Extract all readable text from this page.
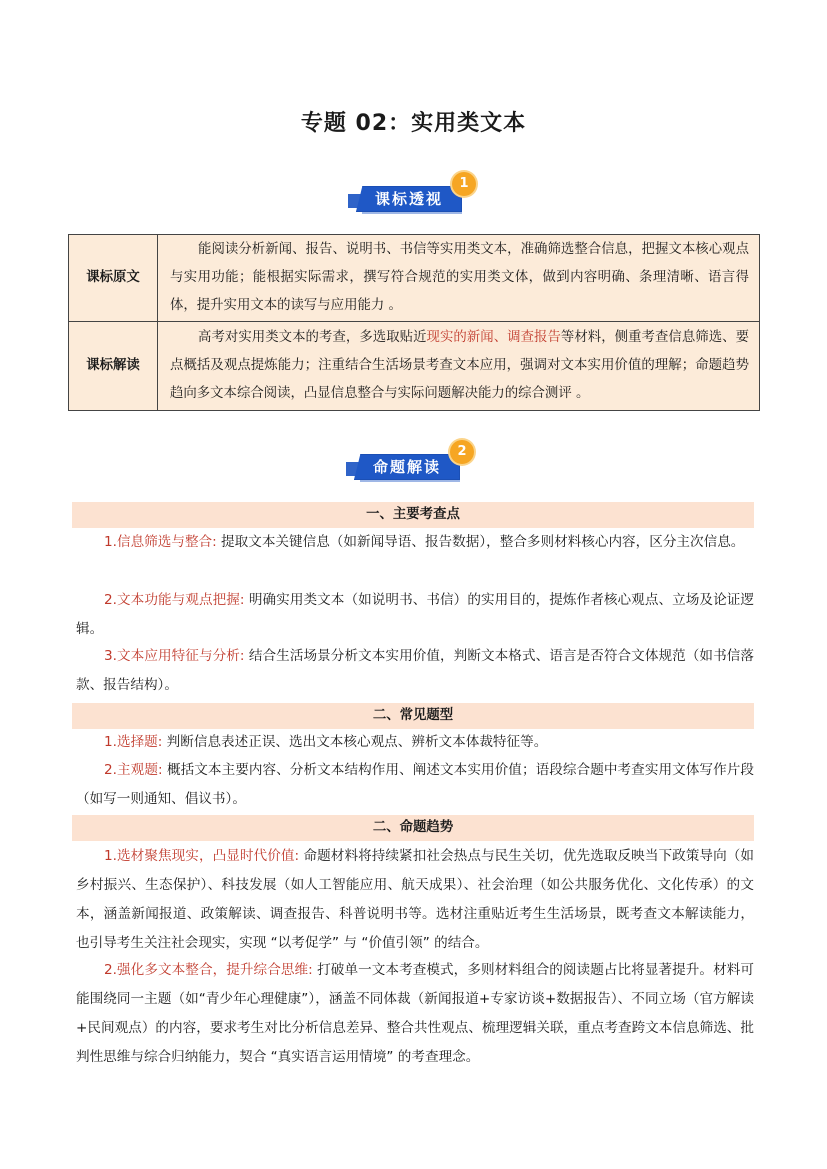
专题 02：实用类文本
课标透视
1
课标原文	能阅读分析新闻、报告、说明书、书信等实用类文本，准确筛选整合信息，把握文本核心观点与实用功能；能根据实际需求，撰写符合规范的实用类文体，做到内容明确、条理清晰、语言得体，提升实用文本的读写与应用能力 。
课标解读	高考对实用类文本的考查，多选取贴近现实的新闻、调查报告等材料，侧重考查信息筛选、要点概括及观点提炼能力；注重结合生活场景考查文本应用，强调对文本实用价值的理解；命题趋势趋向多文本综合阅读，凸显信息整合与实际问题解决能力的综合测评 。
命题解读
2
一、主要考查点
1.信息筛选与整合: 提取文本关键信息（如新闻导语、报告数据），整合多则材料核心内容，区分主次信息。
2.文本功能与观点把握: 明确实用类文本（如说明书、书信）的实用目的，提炼作者核心观点、立场及论证逻辑。
3.文本应用特征与分析: 结合生活场景分析文本实用价值，判断文本格式、语言是否符合文体规范（如书信落款、报告结构）。
二、常见题型
1.选择题: 判断信息表述正误、选出文本核心观点、辨析文本体裁特征等。
2.主观题: 概括文本主要内容、分析文本结构作用、阐述文本实用价值；语段综合题中考查实用文体写作片段（如写一则通知、倡议书）。
二、命题趋势
1.选材聚焦现实，凸显时代价值: 命题材料将持续紧扣社会热点与民生关切，优先选取反映当下政策导向（如乡村振兴、生态保护）、科技发展（如人工智能应用、航天成果）、社会治理（如公共服务优化、文化传承）的文本，涵盖新闻报道、政策解读、调查报告、科普说明书等。选材注重贴近考生生活场景，既考查文本解读能力，也引导考生关注社会现实，实现 “以考促学” 与 “价值引领” 的结合。
2.强化多文本整合，提升综合思维: 打破单一文本考查模式，多则材料组合的阅读题占比将显著提升。材料可能围绕同一主题（如“青少年心理健康”），涵盖不同体裁（新闻报道+专家访谈+数据报告）、不同立场（官方解读+民间观点）的内容，要求考生对比分析信息差异、整合共性观点、梳理逻辑关联，重点考查跨文本信息筛选、批判性思维与综合归纳能力，契合 “真实语言运用情境” 的考查理念。
